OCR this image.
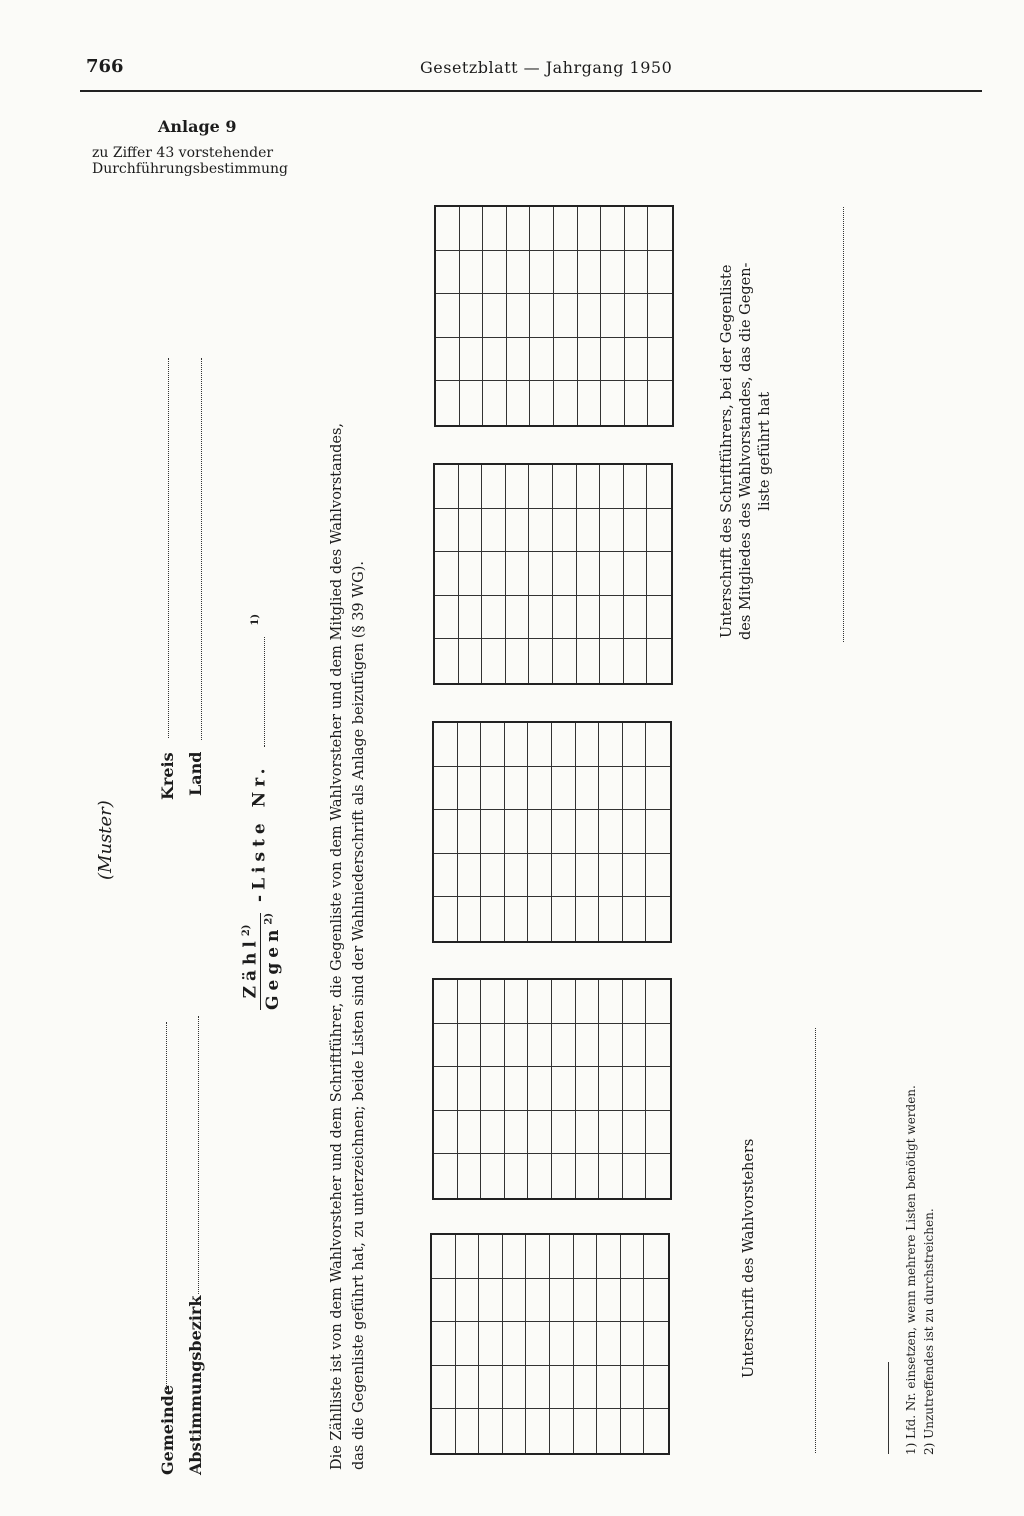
766	Gesetzblatt — Jahrgang 1950
Anlage 9
zu Ziffer 43 vorstehender
Durchführungsbestimmung
(Muster)
Gemeinde Abstimmungsbezirk
Kreis Land
Zähl$^{2)}$ Gegen$^{2)}$ -Liste Nr.  $^{1)}$	Die Zählliste ist von dem Wahlvorsteher und dem Schriftführer, die Gegenliste von dem Wahlvorsteher und dem Mitglied des Wahlvorstandes, das die Gegenliste geführt hat, zu unterzeichnen; beide Listen sind der Wahlniederschrift als Anlage beizufügen (§ 39 WG).	Unterschrift des Wahlvorstehers
Unterschrift des Schriftführers, bei der Gegenliste des Mitgliedes des Wahlvorstandes, das die Gegen- liste geführt hat
1) Lfd. Nr. einsetzen, wenn mehrere Listen benötigt werden. 2) Unzutreffendes ist zu durchstreichen.
